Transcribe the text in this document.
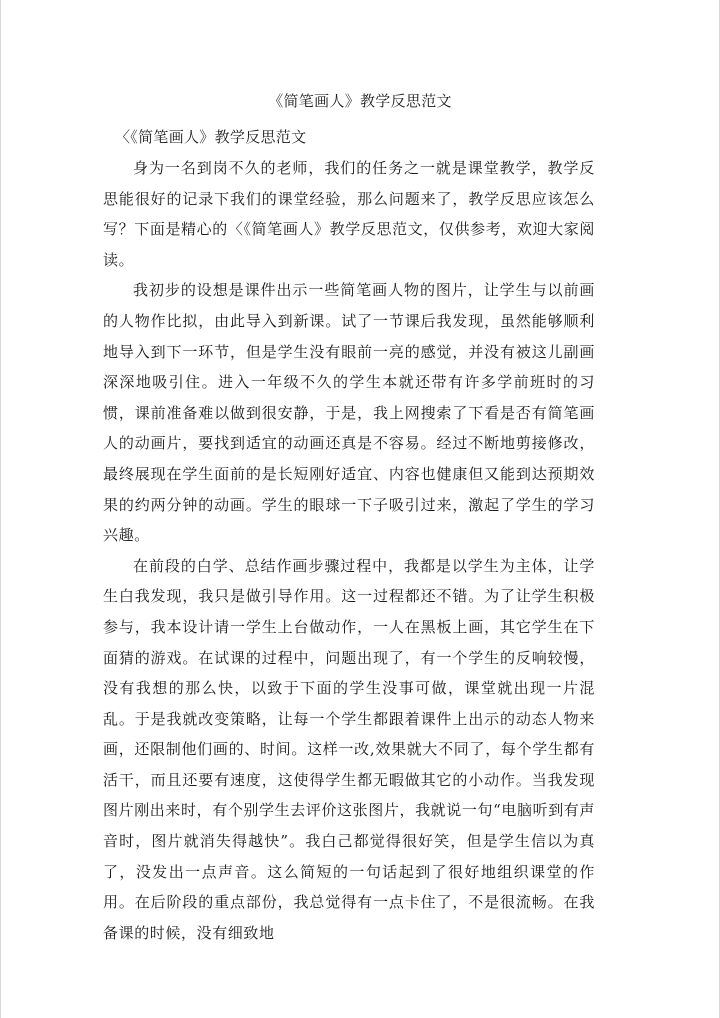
《简笔画人》教学反思范文
〈《简笔画人》教学反思范文

身为一名到岗不久的老师，我们的任务之一就是课堂教学，教学反思能很好的记录下我们的课堂经验，那么问题来了，教学反思应该怎么写？下面是精心的〈《简笔画人》教学反思范文，仅供参考，欢迎大家阅读。

我初步的设想是课件出示一些简笔画人物的图片，让学生与以前画的人物作比拟，由此导入到新课。试了一节课后我发现，虽然能够顺利地导入到下一环节，但是学生没有眼前一亮的感觉，并没有被这儿副画深深地吸引住。进入一年级不久的学生本就还带有许多学前班时的习惯，课前准备难以做到很安静，于是，我上网搜索了下看是否有简笔画人的动画片，要找到适宜的动画还真是不容易。经过不断地剪接修改，最终展现在学生面前的是长短刚好适宜、内容也健康但又能到达预期效果的约两分钟的动画。学生的眼球一下子吸引过来，激起了学生的学习兴趣。

在前段的白学、总结作画步骤过程中，我都是以学生为主体，让学生白我发现，我只是做引导作用。这一过程都还不错。为了让学生积极参与，我本设计请一学生上台做动作，一人在黑板上画，其它学生在下面猜的游戏。在试课的过程中，问题出现了，有一个学生的反响较慢，没有我想的那么快，以致于下面的学生没事可做，课堂就出现一片混乱。于是我就改变策略，让每一个学生都跟着课件上出示的动态人物来画，还限制他们画的、时间。这样一改,效果就大不同了，每个学生都有活干，而且还要有速度，这使得学生都无暇做其它的小动作。当我发现图片刚出来时，有个别学生去评价这张图片，我就说一句“电脑听到有声音时，图片就消失得越快”。我白己都觉得很好笑，但是学生信以为真了，没发出一点声音。这么简短的一句话起到了很好地组织课堂的作用。在后阶段的重点部份，我总觉得有一点卡住了，不是很流畅。在我备课的时候，没有细致地
